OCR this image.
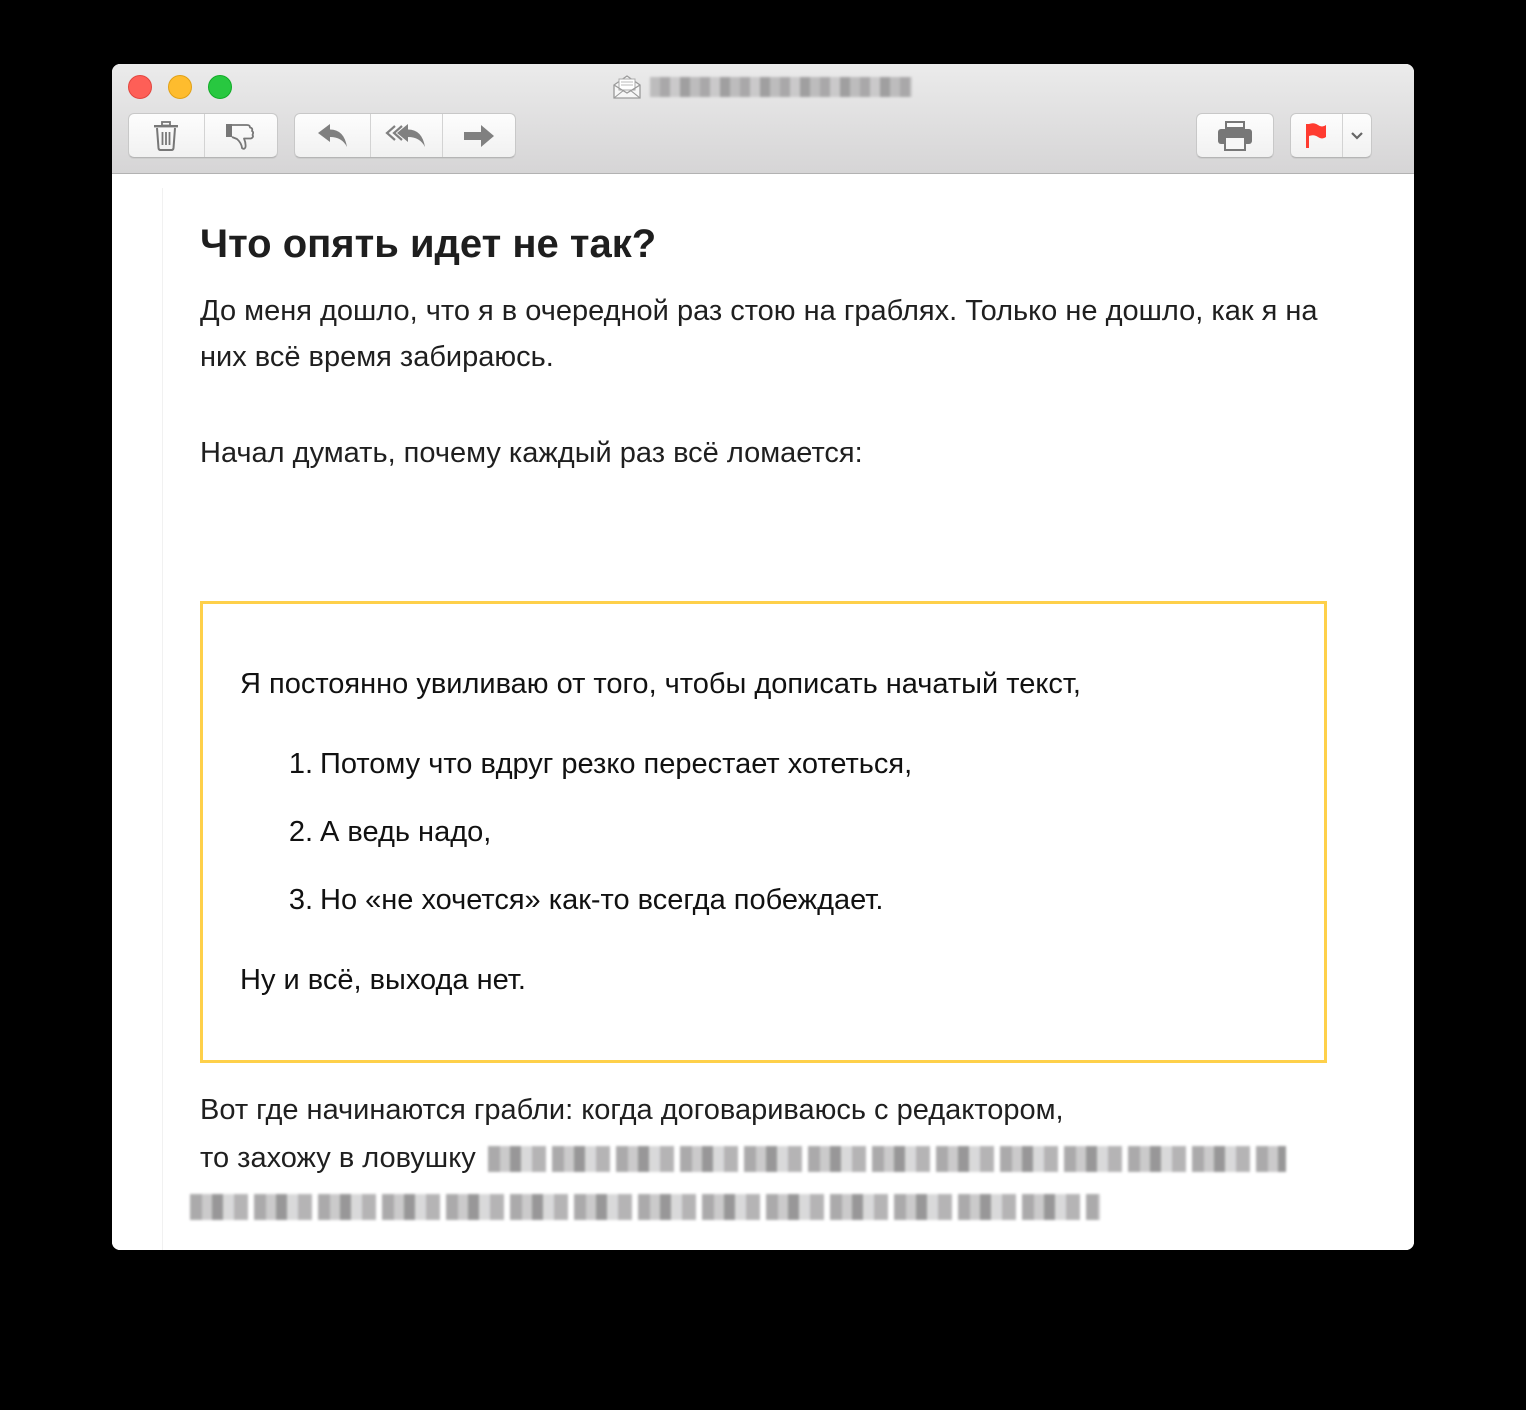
Что опять идет не так?

До меня дошло, что я в очередной раз стою на граблях. Только не дошло, как я на них всё время забираюсь.

Начал думать, почему каждый раз всё ломается:

Я постоянно увиливаю от того, чтобы дописать начатый текст,

1. Потому что вдруг резко перестает хотеться,
2. А ведь надо,
3. Но «не хочется» как-то всегда побеждает.

Ну и всё, выхода нет.

Вот где начинаются грабли: когда договариваюсь с редактором,
то захожу в ловушку
